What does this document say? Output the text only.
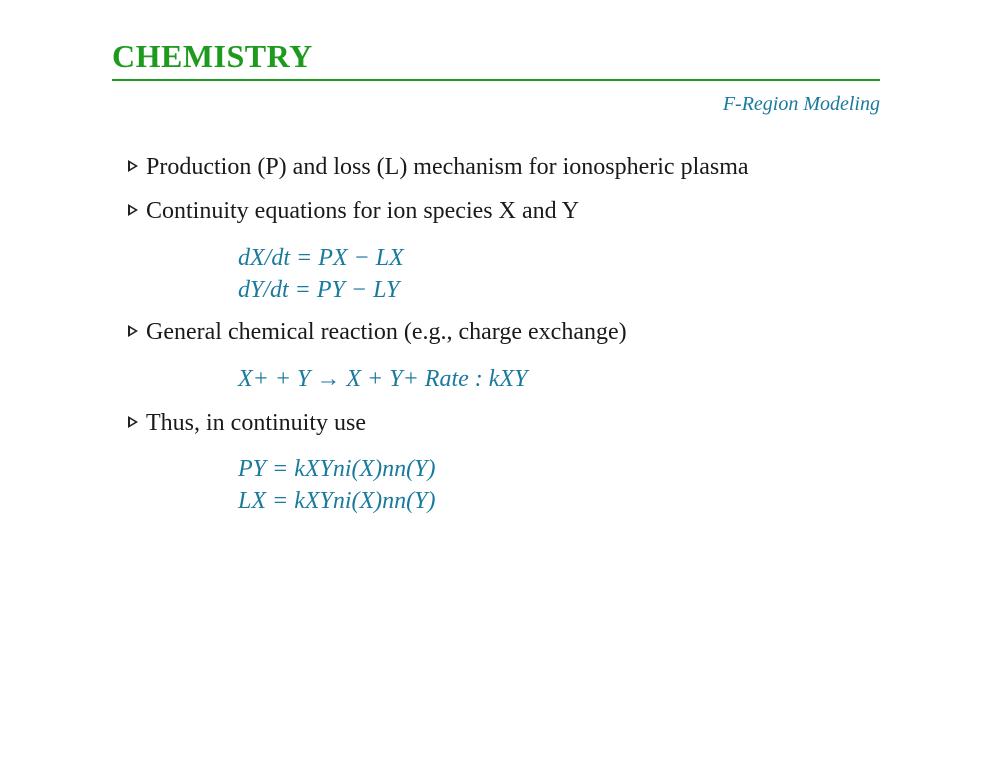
CHEMISTRY
F-Region Modeling
Production (P) and loss (L) mechanism for ionospheric plasma
Continuity equations for ion species X and Y
dX/dt = PX − LX
dY/dt = PY − LY
General chemical reaction (e.g., charge exchange)
X+ + Y → X + Y+ Rate : kXY
Thus, in continuity use
PY = kXYni(X)nn(Y)
LX = kXYni(X)nn(Y)
